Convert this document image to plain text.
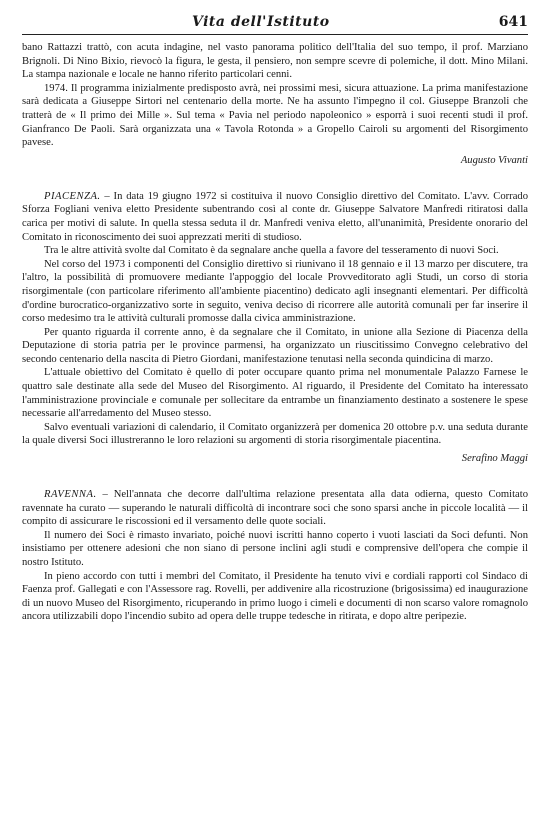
Vita dell'Istituto	641

bano Rattazzi trattò, con acuta indagine, nel vasto panorama politico dell'Italia del suo tempo, il prof. Marziano Brignoli. Di Nino Bixio, rievocò la figura, le gesta, il pensiero, non sempre scevre di polemiche, il dott. Mino Milani. La stampa nazionale e locale ne hanno riferito particolari cenni.

1974. Il programma inizialmente predisposto avrà, nei prossimi mesi, sicura attuazione. La prima manifestazione sarà dedicata a Giuseppe Sirtori nel centenario della morte. Ne ha assunto l'impegno il col. Giuseppe Branzoli che tratterà de « Il primo dei Mille ». Sul tema « Pavia nel periodo napoleonico » esporrà i suoi recenti studi il prof. Gianfranco De Paoli. Sarà organizzata una « Tavola Rotonda » a Gropello Cairoli su argomenti del Risorgimento pavese.

Augusto Vivanti

PIACENZA. – In data 19 giugno 1972 si costituiva il nuovo Consiglio direttivo del Comitato. L'avv. Corrado Sforza Fogliani veniva eletto Presidente subentrando così al conte dr. Giuseppe Salvatore Manfredi ritiratosi dalla carica per motivi di salute. In quella stessa seduta il dr. Manfredi veniva eletto, all'unanimità, Presidente onorario del Comitato in riconoscimento dei suoi apprezzati meriti di studioso.

Tra le altre attività svolte dal Comitato è da segnalare anche quella a favore del tesseramento di nuovi Soci.

Nel corso del 1973 i componenti del Consiglio direttivo si riunivano il 18 gennaio e il 13 marzo per discutere, tra l'altro, la possibilità di promuovere mediante l'appoggio del locale Provveditorato agli Studi, un corso di storia risorgimentale (con particolare riferimento all'ambiente piacentino) dedicato agli insegnanti elementari. Per difficoltà d'ordine burocratico-organizzativo sorte in seguito, veniva deciso di ricorrere alle autorità comunali per far inserire il corso medesimo tra le attività culturali promosse dalla civica amministrazione.

Per quanto riguarda il corrente anno, è da segnalare che il Comitato, in unione alla Sezione di Piacenza della Deputazione di storia patria per le province parmensi, ha organizzato un riuscitissimo Convegno celebrativo del secondo centenario della nascita di Pietro Giordani, manifestazione tenutasi nella seconda quindicina di marzo.

L'attuale obiettivo del Comitato è quello di poter occupare quanto prima nel monumentale Palazzo Farnese le quattro sale destinate alla sede del Museo del Risorgimento. Al riguardo, il Presidente del Comitato ha interessato l'amministrazione provinciale e comunale per sollecitare da entrambe un finanziamento destinato a sostenere le spese necessarie all'arredamento del Museo stesso.

Salvo eventuali variazioni di calendario, il Comitato organizzerà per domenica 20 ottobre p.v. una seduta durante la quale diversi Soci illustreranno le loro relazioni su argomenti di storia risorgimentale piacentina.

Serafino Maggi

RAVENNA. – Nell'annata che decorre dall'ultima relazione presentata alla data odierna, questo Comitato ravennate ha curato — superando le naturali difficoltà di incontrare soci che sono sparsi anche in piccole località — il compito di assicurare le riscossioni ed il versamento delle quote sociali.

Il numero dei Soci è rimasto invariato, poiché nuovi iscritti hanno coperto i vuoti lasciati da Soci defunti. Non insistiamo per ottenere adesioni che non siano di persone inclini agli studi e comprensive dell'opera che compie il nostro Istituto.

In pieno accordo con tutti i membri del Comitato, il Presidente ha tenuto vivi e cordiali rapporti col Sindaco di Faenza prof. Gallegati e con l'Assessore rag. Rovelli, per addivenire alla ricostruzione (brigosissima) ed inaugurazione di un nuovo Museo del Risorgimento, ricuperando in primo luogo i cimeli e documenti di non scarso valore romagnolo ancora utilizzabili dopo l'incendio subito ad opera delle truppe tedesche in ritirata, e dopo altre peripezie.
